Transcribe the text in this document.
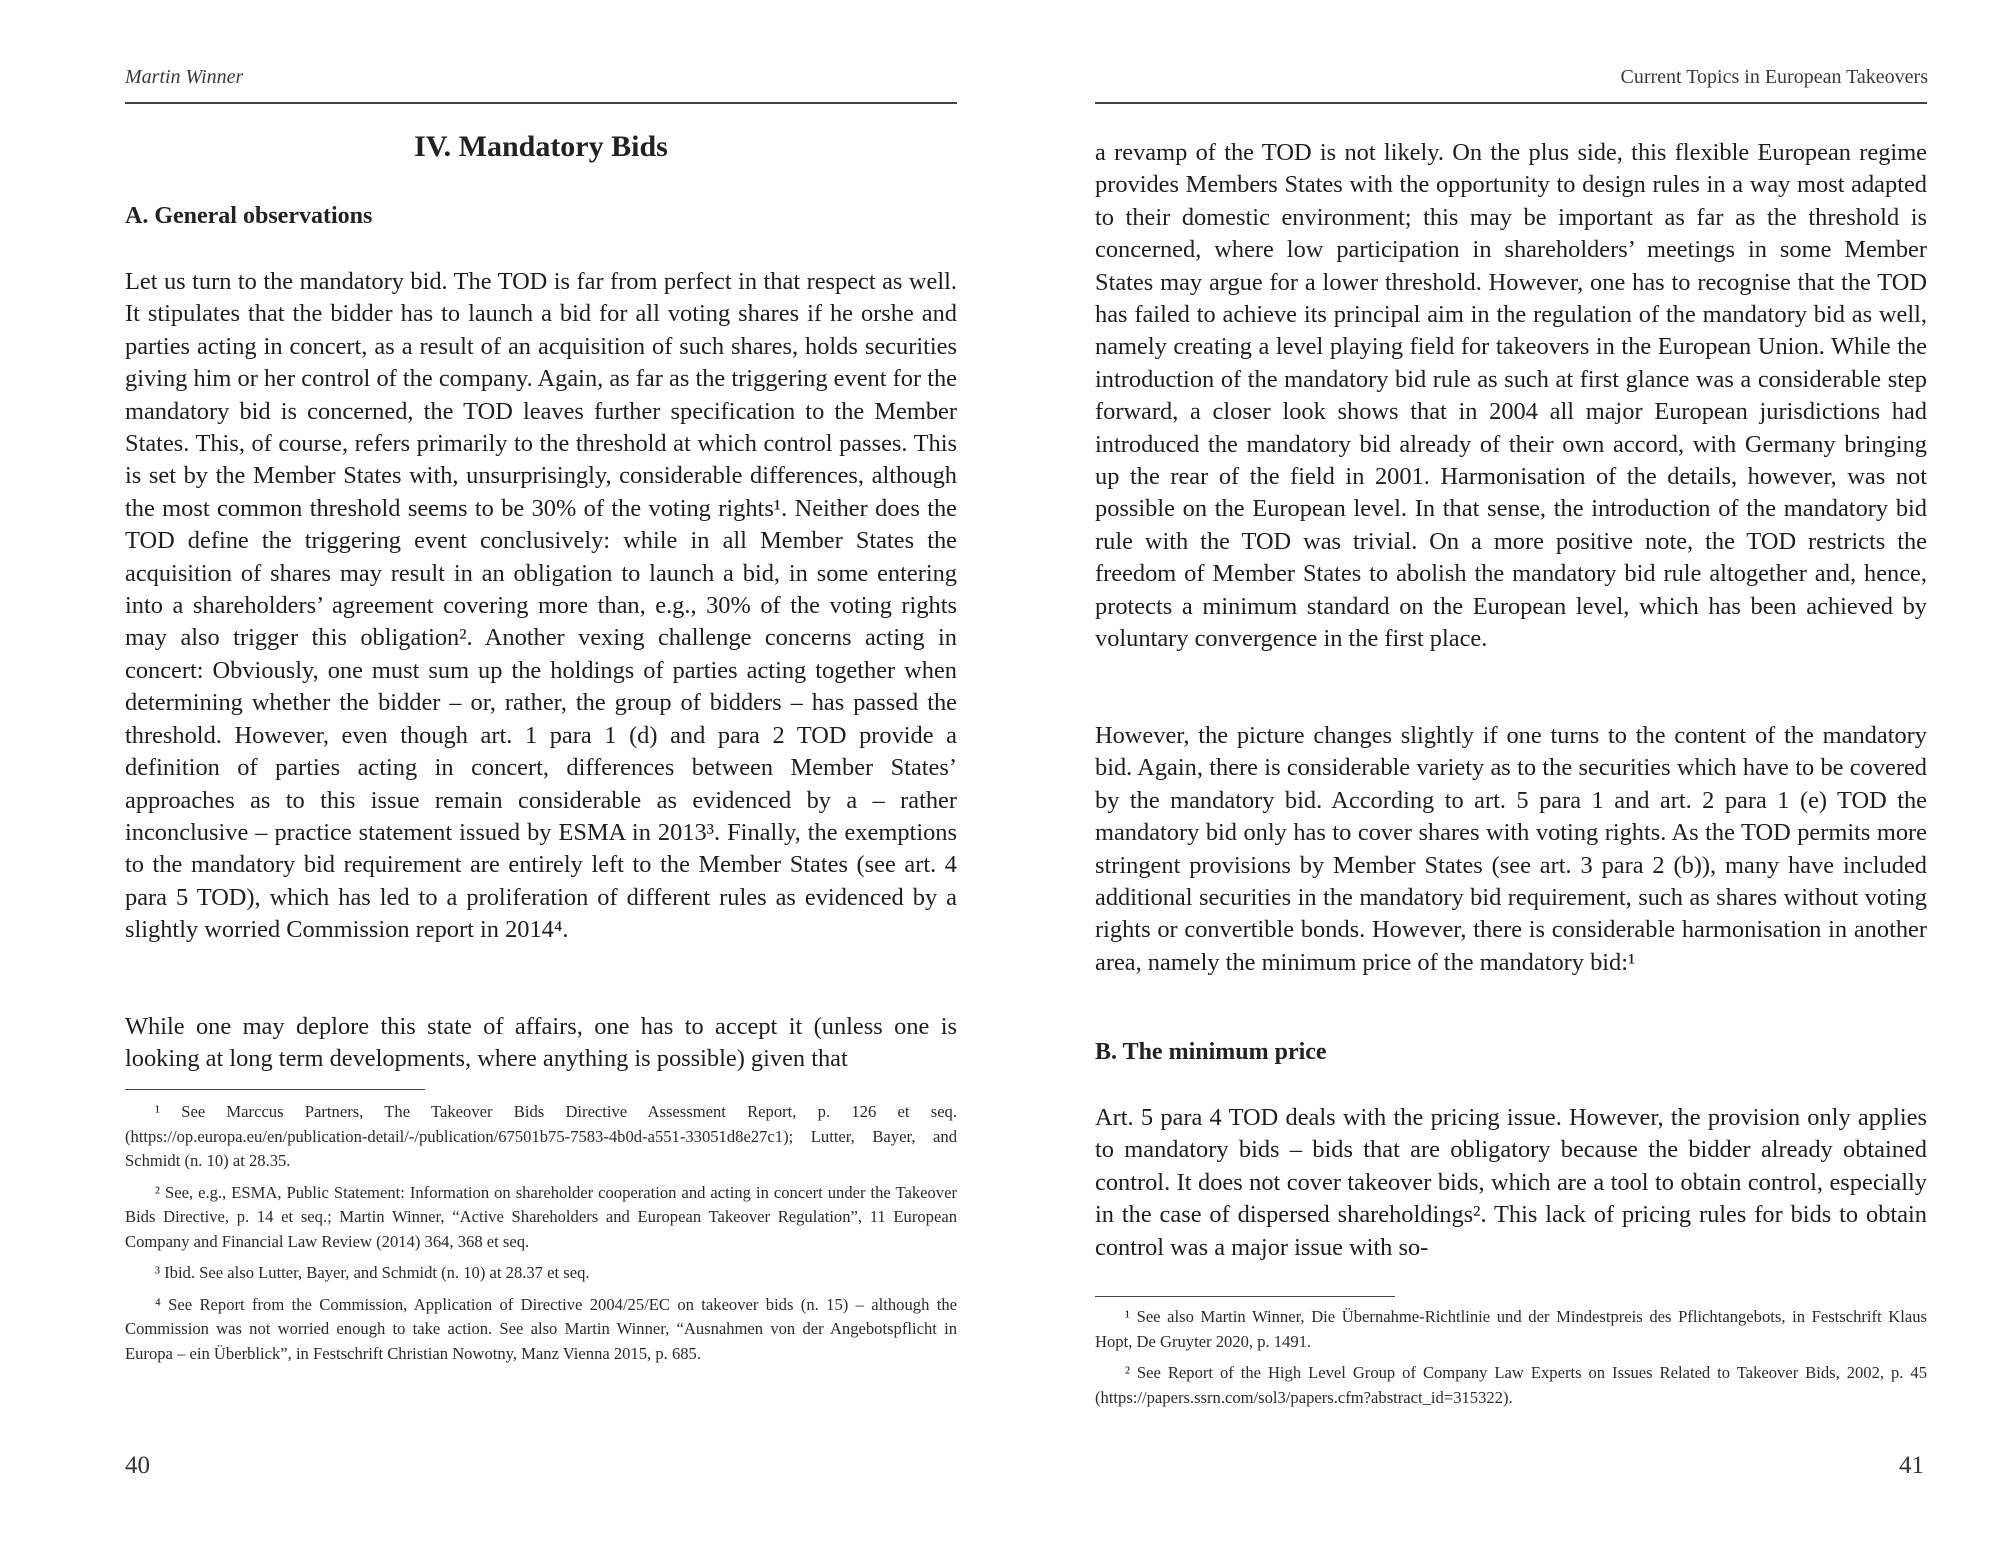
Martin Winner
IV. Mandatory Bids
A. General observations

Let us turn to the mandatory bid. The TOD is far from perfect in that respect as well. It stipulates that the bidder has to launch a bid for all voting shares if he orshe and parties acting in concert, as a result of an acquisition of such shares, holds securities giving him or her control of the company. Again, as far as the triggering event for the mandatory bid is concerned, the TOD leaves further specification to the Member States. This, of course, refers primarily to the threshold at which control passes. This is set by the Member States with, unsurprisingly, considerable differences, although the most common threshold seems to be 30% of the voting rights¹. Neither does the TOD define the triggering event conclusively: while in all Member States the acquisition of shares may result in an obligation to launch a bid, in some entering into a shareholders’ agreement covering more than, e.g., 30% of the voting rights may also trigger this obligation². Another vexing challenge concerns acting in concert: Obviously, one must sum up the holdings of parties acting together when determining whether the bidder – or, rather, the group of bidders – has passed the threshold. However, even though art. 1 para 1 (d) and para 2 TOD provide a definition of parties acting in concert, differences between Member States’ approaches as to this issue remain considerable as evidenced by a – rather inconclusive – practice statement issued by ESMA in 2013³. Finally, the exemptions to the mandatory bid requirement are entirely left to the Member States (see art. 4 para 5 TOD), which has led to a proliferation of different rules as evidenced by a slightly worried Commission report in 2014⁴.

While one may deplore this state of affairs, one has to accept it (unless one is looking at long term developments, where anything is possible) given that

¹ See Marccus Partners, The Takeover Bids Directive Assessment Report, p. 126 et seq. (https://op.europa.eu/en/publication-detail/-/publication/67501b75-7583-4b0d-a551-33051d8e27c1); Lutter, Bayer, and Schmidt (n. 10) at 28.35.

² See, e.g., ESMA, Public Statement: Information on shareholder cooperation and acting in concert under the Takeover Bids Directive, p. 14 et seq.; Martin Winner, “Active Shareholders and European Takeover Regulation”, 11 European Company and Financial Law Review (2014) 364, 368 et seq.

³ Ibid. See also Lutter, Bayer, and Schmidt (n. 10) at 28.37 et seq.

⁴ See Report from the Commission, Application of Directive 2004/25/EC on takeover bids (n. 15) – although the Commission was not worried enough to take action. See also Martin Winner, “Ausnahmen von der Angebotspflicht in Europa – ein Überblick”, in Festschrift Christian Nowotny, Manz Vienna 2015, p. 685.

40
Current Topics in European Takeovers

a revamp of the TOD is not likely. On the plus side, this flexible European regime provides Members States with the opportunity to design rules in a way most adapted to their domestic environment; this may be important as far as the threshold is concerned, where low participation in shareholders’ meetings in some Member States may argue for a lower threshold. However, one has to recognise that the TOD has failed to achieve its principal aim in the regulation of the mandatory bid as well, namely creating a level playing field for takeovers in the European Union. While the introduction of the mandatory bid rule as such at first glance was a considerable step forward, a closer look shows that in 2004 all major European jurisdictions had introduced the mandatory bid already of their own accord, with Germany bringing up the rear of the field in 2001. Harmonisation of the details, however, was not possible on the European level. In that sense, the introduction of the mandatory bid rule with the TOD was trivial. On a more positive note, the TOD restricts the freedom of Member States to abolish the mandatory bid rule altogether and, hence, protects a minimum standard on the European level, which has been achieved by voluntary convergence in the first place.

However, the picture changes slightly if one turns to the content of the mandatory bid. Again, there is considerable variety as to the securities which have to be covered by the mandatory bid. According to art. 5 para 1 and art. 2 para 1 (e) TOD the mandatory bid only has to cover shares with voting rights. As the TOD permits more stringent provisions by Member States (see art. 3 para 2 (b)), many have included additional securities in the mandatory bid requirement, such as shares without voting rights or convertible bonds. However, there is considerable harmonisation in another area, namely the minimum price of the mandatory bid:¹

B. The minimum price

Art. 5 para 4 TOD deals with the pricing issue. However, the provision only applies to mandatory bids – bids that are obligatory because the bidder already obtained control. It does not cover takeover bids, which are a tool to obtain control, especially in the case of dispersed shareholdings². This lack of pricing rules for bids to obtain control was a major issue with so-

¹ See also Martin Winner, Die Übernahme-Richtlinie und der Mindestpreis des Pflichtangebots, in Festschrift Klaus Hopt, De Gruyter 2020, p. 1491.

² See Report of the High Level Group of Company Law Experts on Issues Related to Takeover Bids, 2002, p. 45 (https://papers.ssrn.com/sol3/papers.cfm?abstract_id=315322).

41
